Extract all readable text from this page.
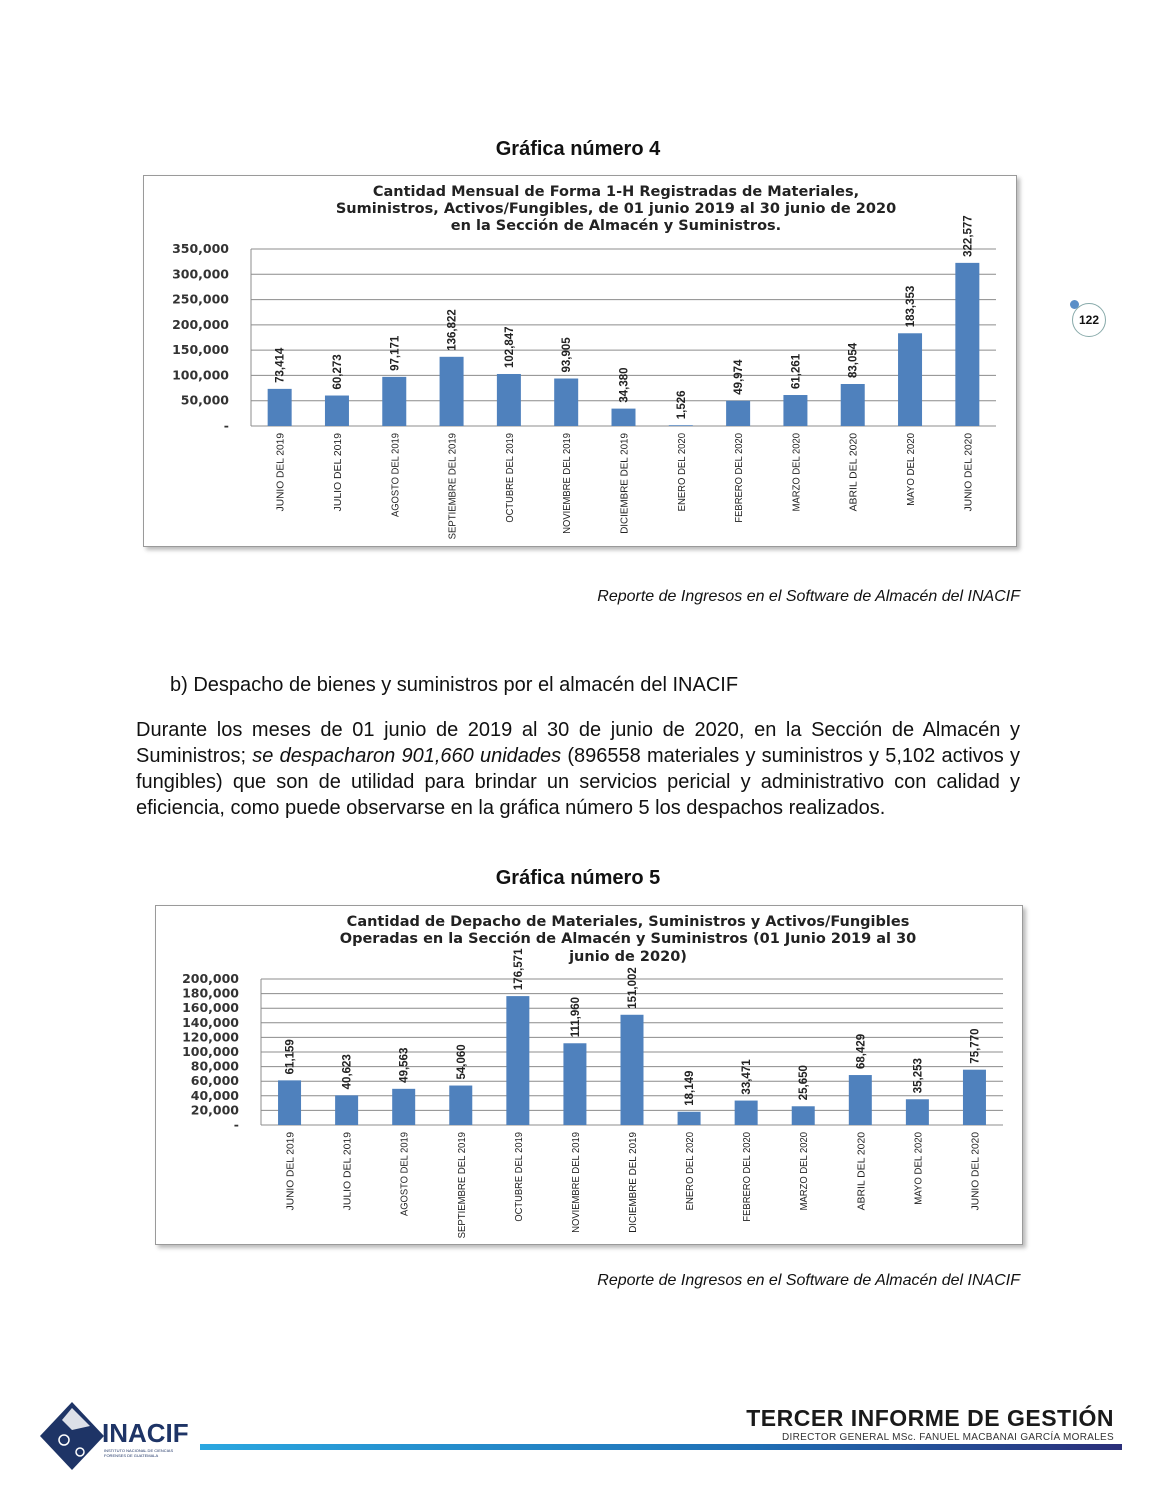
122
Gráfica número 4
Cantidad Mensual de Forma 1-H Registradas de Materiales,
Suministros, Activos/Fungibles, de 01 junio 2019 al 30 junio de 2020
en la Sección de Almacén y Suministros.
-
50,000
100,000
150,000
200,000
250,000
300,000
350,000
73,414
JUNIO DEL 2019
60,273
JULIO DEL 2019
97,171
AGOSTO DEL 2019
136,822
SEPTIEMBRE DEL 2019
102,847
OCTUBRE DEL 2019
93,905
NOVIEMBRE DEL 2019
34,380
DICIEMBRE DEL 2019
1,526
ENERO DEL 2020
49,974
FEBRERO DEL 2020
61,261
MARZO DEL 2020
83,054
ABRIL DEL 2020
183,353
MAYO DEL 2020
322,577
JUNIO DEL 2020
Reporte de Ingresos en el Software de Almacén del INACIF
b) Despacho de bienes y suministros por el almacén del INACIF
Durante los meses de 01 junio de 2019 al 30 de junio de 2020, en la Sección de Almacén y Suministros; se despacharon 901,660 unidades (896558 materiales y suministros y 5,102 activos y fungibles) que son de utilidad para brindar un servicios pericial y administrativo con calidad y eficiencia, como puede observarse en la gráfica número 5 los despachos realizados.
Gráfica número 5
Cantidad de Depacho de Materiales, Suministros y Activos/Fungibles
Operadas en la Sección de Almacén y Suministros (01 Junio 2019 al 30
junio de 2020)
-
20,000
40,000
60,000
80,000
100,000
120,000
140,000
160,000
180,000
200,000
61,159
JUNIO DEL 2019
40,623
JULIO DEL 2019
49,563
AGOSTO DEL 2019
54,060
SEPTIEMBRE DEL 2019
176,571
OCTUBRE DEL 2019
111,960
NOVIEMBRE DEL 2019
151,002
DICIEMBRE DEL 2019
18,149
ENERO DEL 2020
33,471
FEBRERO DEL 2020
25,650
MARZO DEL 2020
68,429
ABRIL DEL 2020
35,253
MAYO DEL 2020
75,770
JUNIO DEL 2020
Reporte de Ingresos en el Software de Almacén del INACIF
INACIF
INSTITUTO NACIONAL DE CIENCIAS FORENSES DE GUATEMALA
TERCER INFORME DE GESTIÓN
DIRECTOR GENERAL MSc. FANUEL MACBANAI GARCÍA MORALES
